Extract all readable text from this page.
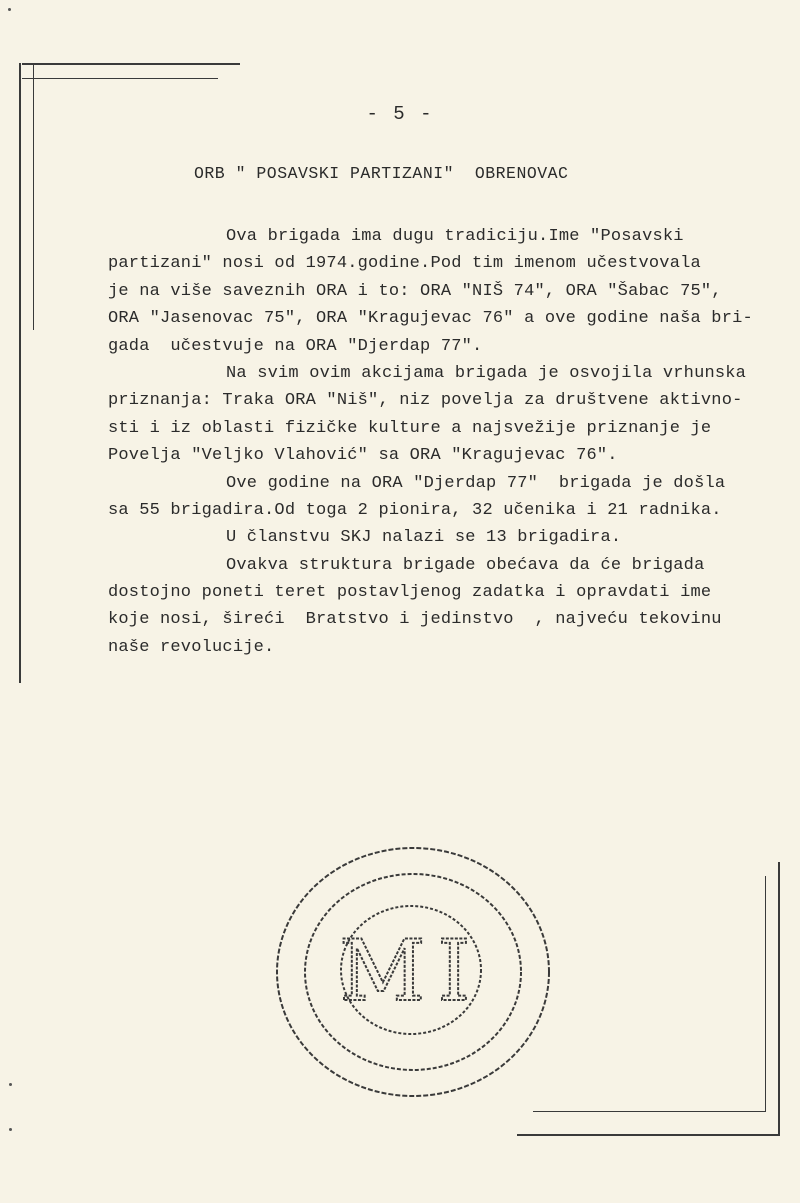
- 5 -
ORB " POSAVSKI PARTIZANI"  OBRENOVAC
Ova brigada ima dugu tradiciju.Ime "Posavski
partizani" nosi od 1974.godine.Pod tim imenom učestvovala
je na više saveznih ORA i to: ORA "NIŠ 74", ORA "Šabac 75",
ORA "Jasenovac 75", ORA "Kragujevac 76" a ove godine naša bri-
gada  učestvuje na ORA "Djerdap 77".
Na svim ovim akcijama brigada je osvojila vrhunska
priznanja: Traka ORA "Niš", niz povelja za društvene aktivno-
sti i iz oblasti fizičke kulture a najsvežije priznanje je
Povelja "Veljko Vlahović" sa ORA "Kragujevac 76".
Ove godine na ORA "Djerdap 77"  brigada je došla
sa 55 brigadira.Od toga 2 pionira, 32 učenika i 21 radnika.
U članstvu SKJ nalazi se 13 brigadira.
Ovakva struktura brigade obećava da će brigada
dostojno poneti teret postavljenog zadatka i opravdati ime
koje nosi, šireći  Bratstvo i jedinstvo  , najveću tekovinu
naše revolucije.
MI
